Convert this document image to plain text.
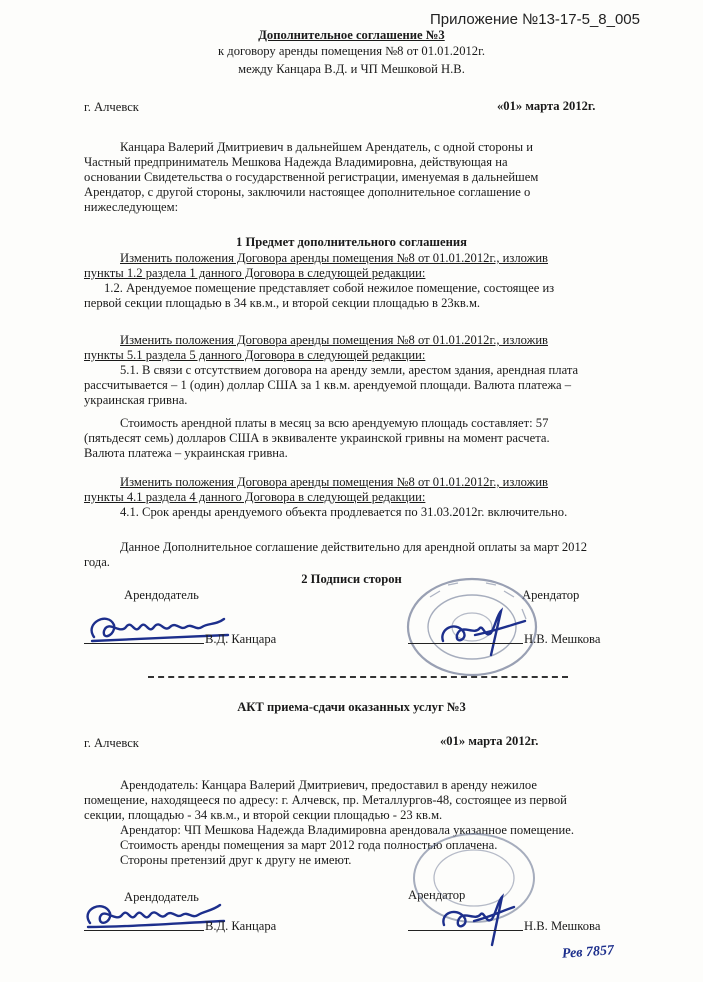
Приложение №13-17-5_8_005
Дополнительное соглашение №3
к договору аренды помещения №8 от 01.01.2012г.
между Канцара В.Д. и ЧП Мешковой Н.В.
г. Алчевск	«01» марта 2012г.
Канцара Валерий Дмитриевич в дальнейшем Арендатель, с одной стороны и
Частный предприниматель Мешкова Надежда Владимировна, действующая на
основании Свидетельства о государственной регистрации, именуемая в дальнейшем
Арендатор, с другой стороны, заключили настоящее дополнительное соглашение о
нижеследующем:
1 Предмет дополнительного соглашения
Изменить положения Договора аренды помещения №8 от 01.01.2012г., изложив
пункты 1.2 раздела 1 данного Договора в следующей редакции:
1.2. Арендуемое помещение представляет собой нежилое помещение, состоящее из
первой секции площадью в 34 кв.м., и второй секции площадью в 23кв.м.
Изменить положения Договора аренды помещения №8 от 01.01.2012г., изложив
пункты 5.1 раздела 5 данного Договора в следующей редакции:
5.1. В связи с отсутствием договора на аренду земли, арестом здания, арендная плата
рассчитывается – 1 (один) доллар США за 1 кв.м. арендуемой площади. Валюта платежа –
украинская гривна.
Стоимость арендной платы в месяц за всю арендуемую площадь составляет: 57
(пятьдесят семь) долларов США в эквиваленте украинской гривны на момент расчета.
Валюта платежа – украинская гривна.
Изменить положения Договора аренды помещения №8 от 01.01.2012г., изложив
пункты 4.1 раздела 4 данного Договора в следующей редакции:
4.1. Срок аренды арендуемого объекта продлевается по 31.03.2012г. включительно.
Данное Дополнительное соглашение действительно для арендной оплаты за март 2012
года.
2 Подписи сторон
Арендодатель	Арендатор
В.Д. Канцара	Н.В. Мешкова
АКТ приема-сдачи оказанных услуг №3
г. Алчевск	«01» марта 2012г.
Арендодатель: Канцара Валерий Дмитриевич, предоставил в аренду нежилое
помещение, находящееся по адресу: г. Алчевск, пр. Металлургов-48, состоящее из первой
секции, площадью - 34 кв.м., и второй секции площадью - 23 кв.м.
Арендатор: ЧП Мешкова Надежда Владимировна арендовала указанное помещение.
Стоимость аренды помещения за март 2012 года полностью оплачена.
Стороны претензий друг к другу не имеют.
Арендодатель	Арендатор
В.Д. Канцара	Н.В. Мешкова
Рев 7857
